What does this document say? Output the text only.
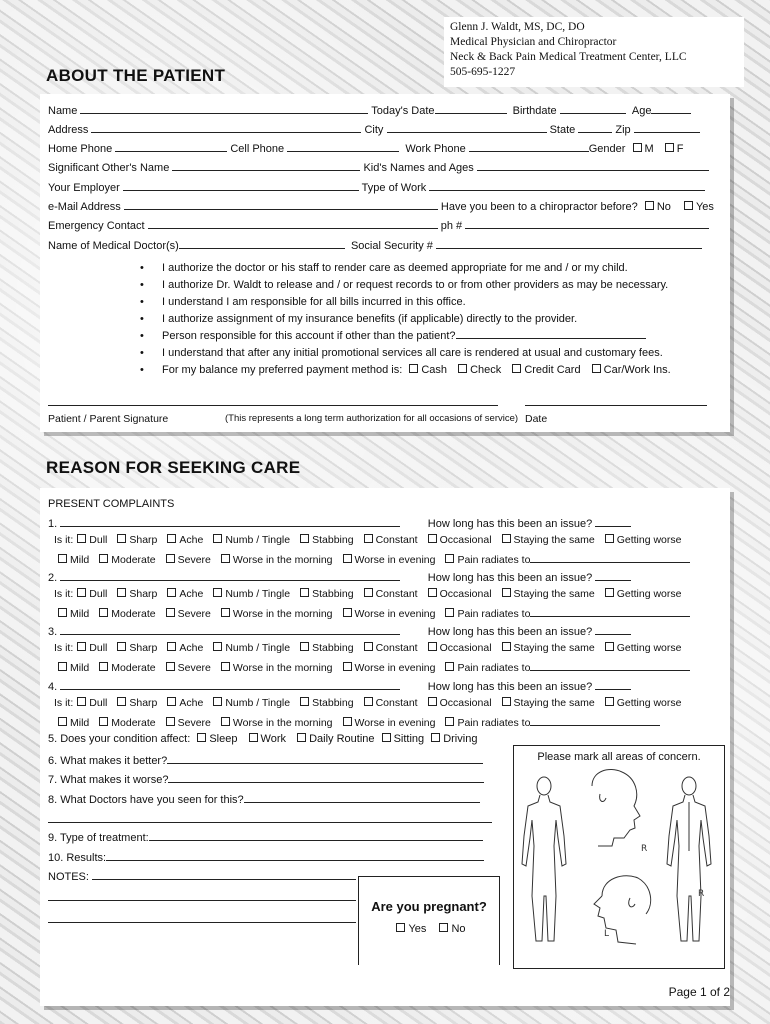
Glenn J. Waldt, MS, DC, DO
Medical Physician and Chiropractor
Neck & Back Pain Medical Treatment Center, LLC
505-695-1227
ABOUT THE PATIENT
Name	Today's Date	Birthdate	Age
Address	City	State	Zip
Home Phone	Cell Phone	Work Phone	Gender M F
Significant Other's Name	Kid's Names and Ages
Your Employer	Type of Work
e-Mail Address	Have you been to a chiropractor before? No Yes
Emergency Contact	ph #
Name of Medical Doctor(s)	Social Security #
• I authorize the doctor or his staff to render care as deemed appropriate for me and / or my child.
• I authorize Dr. Waldt to release and / or request records to or from other providers as may be necessary.
• I understand I am responsible for all bills incurred in this office.
• I authorize assignment of my insurance benefits (if applicable) directly to the provider.
• Person responsible for this account if other than the patient?
• I understand that after any initial promotional services all care is rendered at usual and customary fees.
• For my balance my preferred payment method is: Cash Check Credit Card Car/Work Ins.
Patient / Parent Signature	(This represents a long term authorization for all occasions of service) Date
REASON FOR SEEKING CARE
PRESENT COMPLAINTS
1.	How long has this been an issue?
Is it: Dull Sharp Ache Numb / Tingle Stabbing Constant Occasional Staying the same Getting worse
Mild Moderate Severe Worse in the morning Worse in evening Pain radiates to
2.	How long has this been an issue?
Is it: Dull Sharp Ache Numb / Tingle Stabbing Constant Occasional Staying the same Getting worse
Mild Moderate Severe Worse in the morning Worse in evening Pain radiates to
3.	How long has this been an issue?
Is it: Dull Sharp Ache Numb / Tingle Stabbing Constant Occasional Staying the same Getting worse
Mild Moderate Severe Worse in the morning Worse in evening Pain radiates to
4.	How long has this been an issue?
Is it: Dull Sharp Ache Numb / Tingle Stabbing Constant Occasional Staying the same Getting worse
Mild Moderate Severe Worse in the morning Worse in evening Pain radiates to
5. Does your condition affect: Sleep Work Daily Routine Sitting Driving
6. What makes it better?
7. What makes it worse?
8. What Doctors have you seen for this?
9. Type of treatment:
10. Results:
NOTES:
Are you pregnant?
Yes No
Please mark all areas of concern.
R
L
R
Page 1 of 2
